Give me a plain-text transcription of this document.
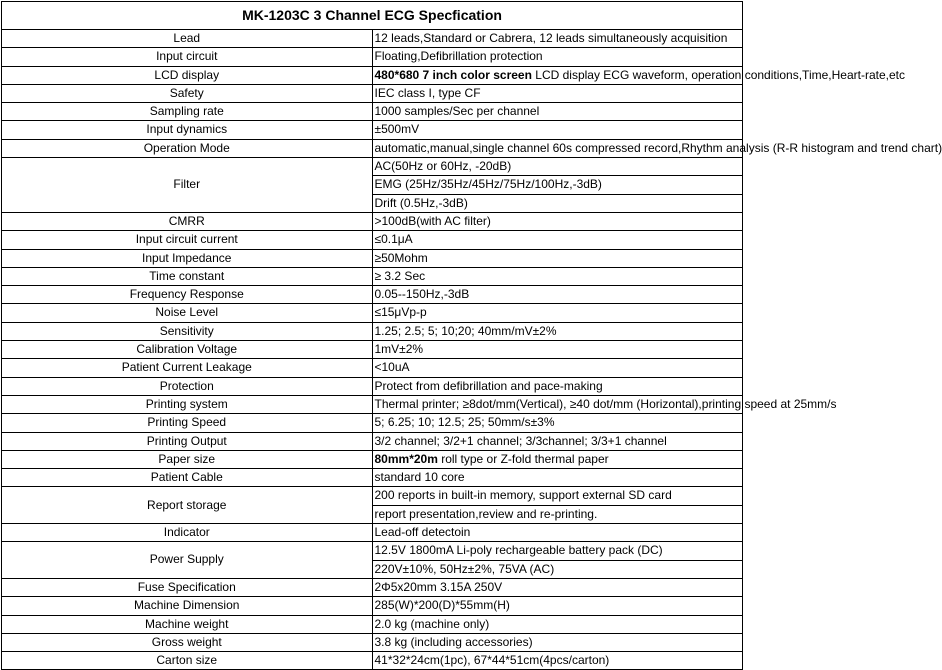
MK-1203C 3 Channel ECG Specfication	
Lead	12 leads,Standard or Cabrera, 12 leads simultaneously acquisition
Input circuit	Floating,Defibrillation protection
LCD display	480*680 7 inch color screen LCD display ECG waveform, operation conditions,Time,Heart-rate,etc
Safety	IEC class I, type CF
Sampling rate	1000 samples/Sec per channel
Input dynamics	±500mV
Operation Mode	automatic,manual,single channel 60s compressed record,Rhythm analysis (R-R histogram and trend chart)
Filter	AC(50Hz or 60Hz, -20dB)
	EMG (25Hz/35Hz/45Hz/75Hz/100Hz,-3dB)
	Drift (0.5Hz,-3dB)
CMRR	>100dB(with AC filter)
Input circuit current	≤0.1μA
Input Impedance	≥50Mohm
Time constant	≥ 3.2 Sec
Frequency Response	0.05--150Hz,-3dB
Noise Level	≤15μVp-p
Sensitivity	1.25; 2.5; 5; 10;20; 40mm/mV±2%
Calibration Voltage	1mV±2%
Patient Current Leakage	<10uA
Protection	Protect from defibrillation and pace-making
Printing system	Thermal printer; ≥8dot/mm(Vertical), ≥40 dot/mm (Horizontal),printing speed at 25mm/s
Printing Speed	5; 6.25; 10; 12.5; 25; 50mm/s±3%
Printing Output	3/2 channel; 3/2+1 channel; 3/3channel; 3/3+1 channel
Paper size	80mm*20m roll type or Z-fold thermal paper
Patient Cable	standard 10 core
Report storage	200 reports in built-in memory, support external SD card
	report presentation,review and re-printing.
Indicator	Lead-off detectoin
Power Supply	12.5V 1800mA Li-poly rechargeable battery pack (DC)
	220V±10%, 50Hz±2%, 75VA (AC)
Fuse Specification	2Φ5x20mm 3.15A 250V
Machine Dimension	285(W)*200(D)*55mm(H)
Machine weight	2.0 kg (machine only)
Gross weight	3.8 kg (including accessories)
Carton size	41*32*24cm(1pc), 67*44*51cm(4pcs/carton)
